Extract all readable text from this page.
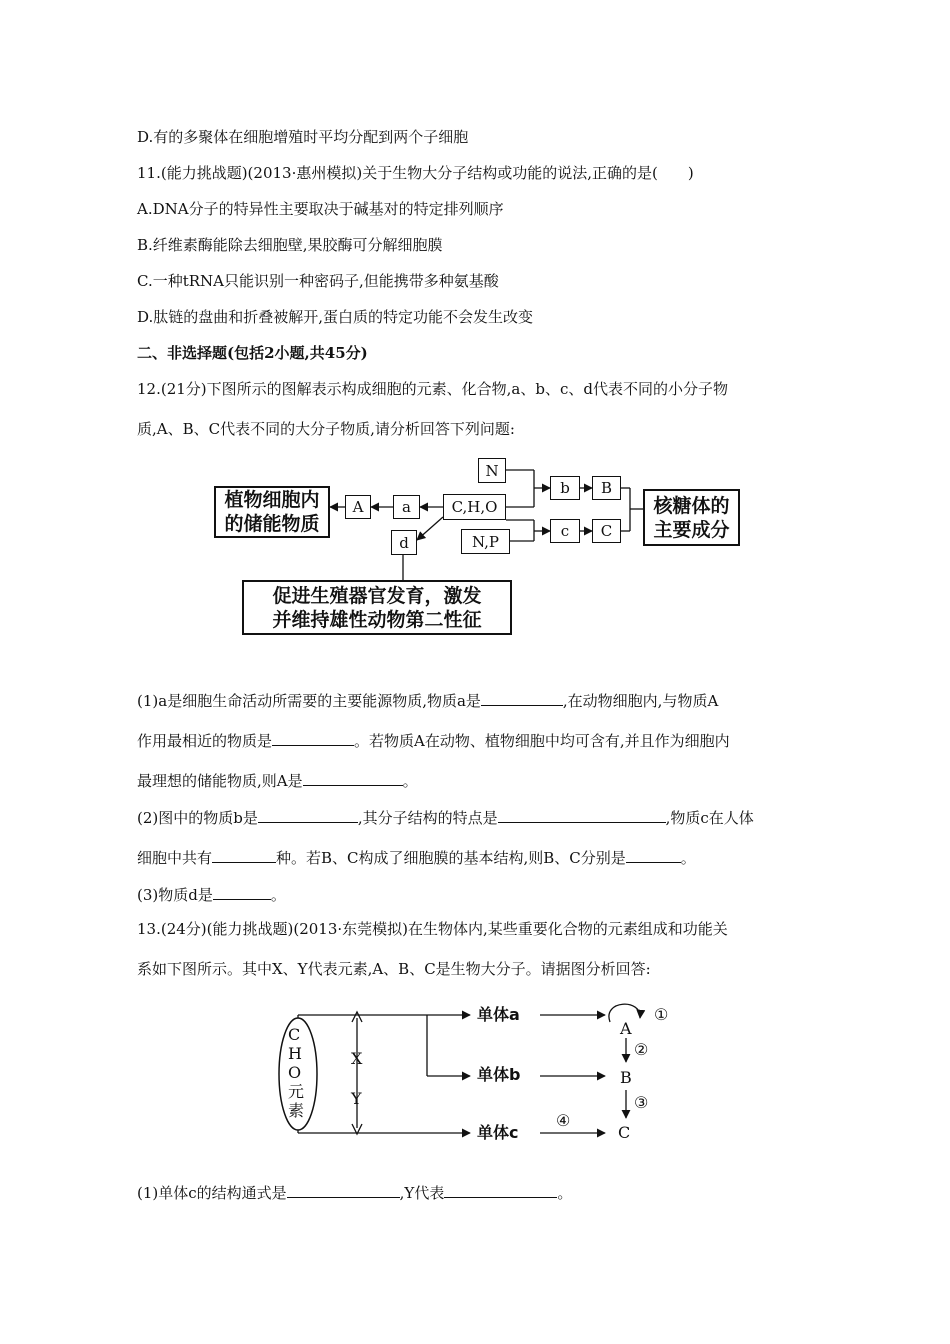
D.有的多聚体在细胞增殖时平均分配到两个子细胞
11.(能力挑战题)(2013·惠州模拟)关于生物大分子结构或功能的说法,正确的是(　　)
A.DNA分子的特异性主要取决于碱基对的特定排列顺序
B.纤维素酶能除去细胞壁,果胶酶可分解细胞膜
C.一种tRNA只能识别一种密码子,但能携带多种氨基酸
D.肽链的盘曲和折叠被解开,蛋白质的特定功能不会发生改变
二、非选择题(包括2小题,共45分)
12.(21分)下图所示的图解表示构成细胞的元素、化合物,a、b、c、d代表不同的小分子物
质,A、B、C代表不同的大分子物质,请分析回答下列问题:
植物细胞内
的储能物质
A	a	C,H,O
d
N
N,P
b	B
c	C
核糖体的
主要成分
促进生殖器官发育，激发
并维持雄性动物第二性征
(1)a是细胞生命活动所需要的主要能源物质,物质a是	,在动物细胞内,与物质A
作用最相近的物质是	。若物质A在动物、植物细胞中均可含有,并且作为细胞内
最理想的储能物质,则A是	。
(2)图中的物质b是	,其分子结构的特点是	,物质c在人体
细胞中共有	种。若B、C构成了细胞膜的基本结构,则B、C分别是	。
(3)物质d是	。
13.(24分)(能力挑战题)(2013·东莞模拟)在生物体内,某些重要化合物的元素组成和功能关
系如下图所示。其中X、Y代表元素,A、B、C是生物大分子。请据图分析回答:
C
H
O
元
素
X
Y
单体a
单体b
单体c
A
B
C
①
②
③
④
(1)单体c的结构通式是	,Y代表	。
